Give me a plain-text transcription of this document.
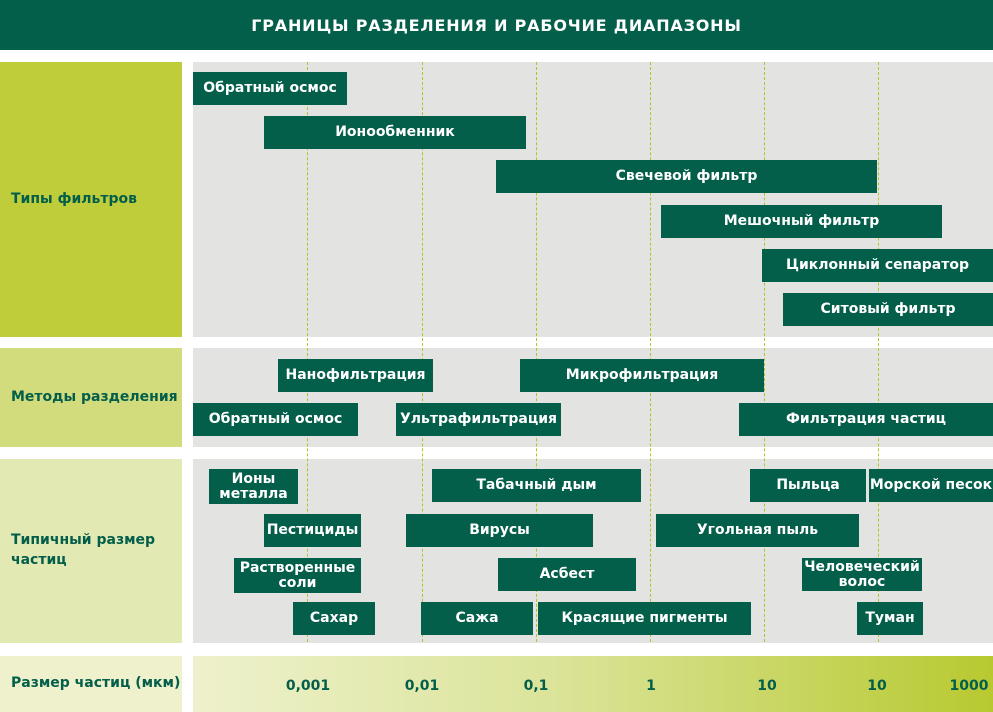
ГРАНИЦЫ РАЗДЕЛЕНИЯ И РАБОЧИЕ ДИАПАЗОНЫ
Типы фильтров
Методы разделения
Типичный размер частиц
Размер частиц (мкм)
Обратный осмос
Ионообменник
Свечевой фильтр
Мешочный фильтр
Циклонный сепаратор
Ситовый фильтр
Нанофильтрация	Микрофильтрация
Обратный осмос	Ультрафильтрация	Фильтрация частиц
Ионы металла
Табачный дым	Пыльца	Морской песок
Пестициды	Вирусы	Угольная пыль
Растворенные соли
Асбест	Человеческий волос
Сахар	Сажа	Красящие пигменты	Туман
0,001	0,01	0,1	1	10	10	1000
